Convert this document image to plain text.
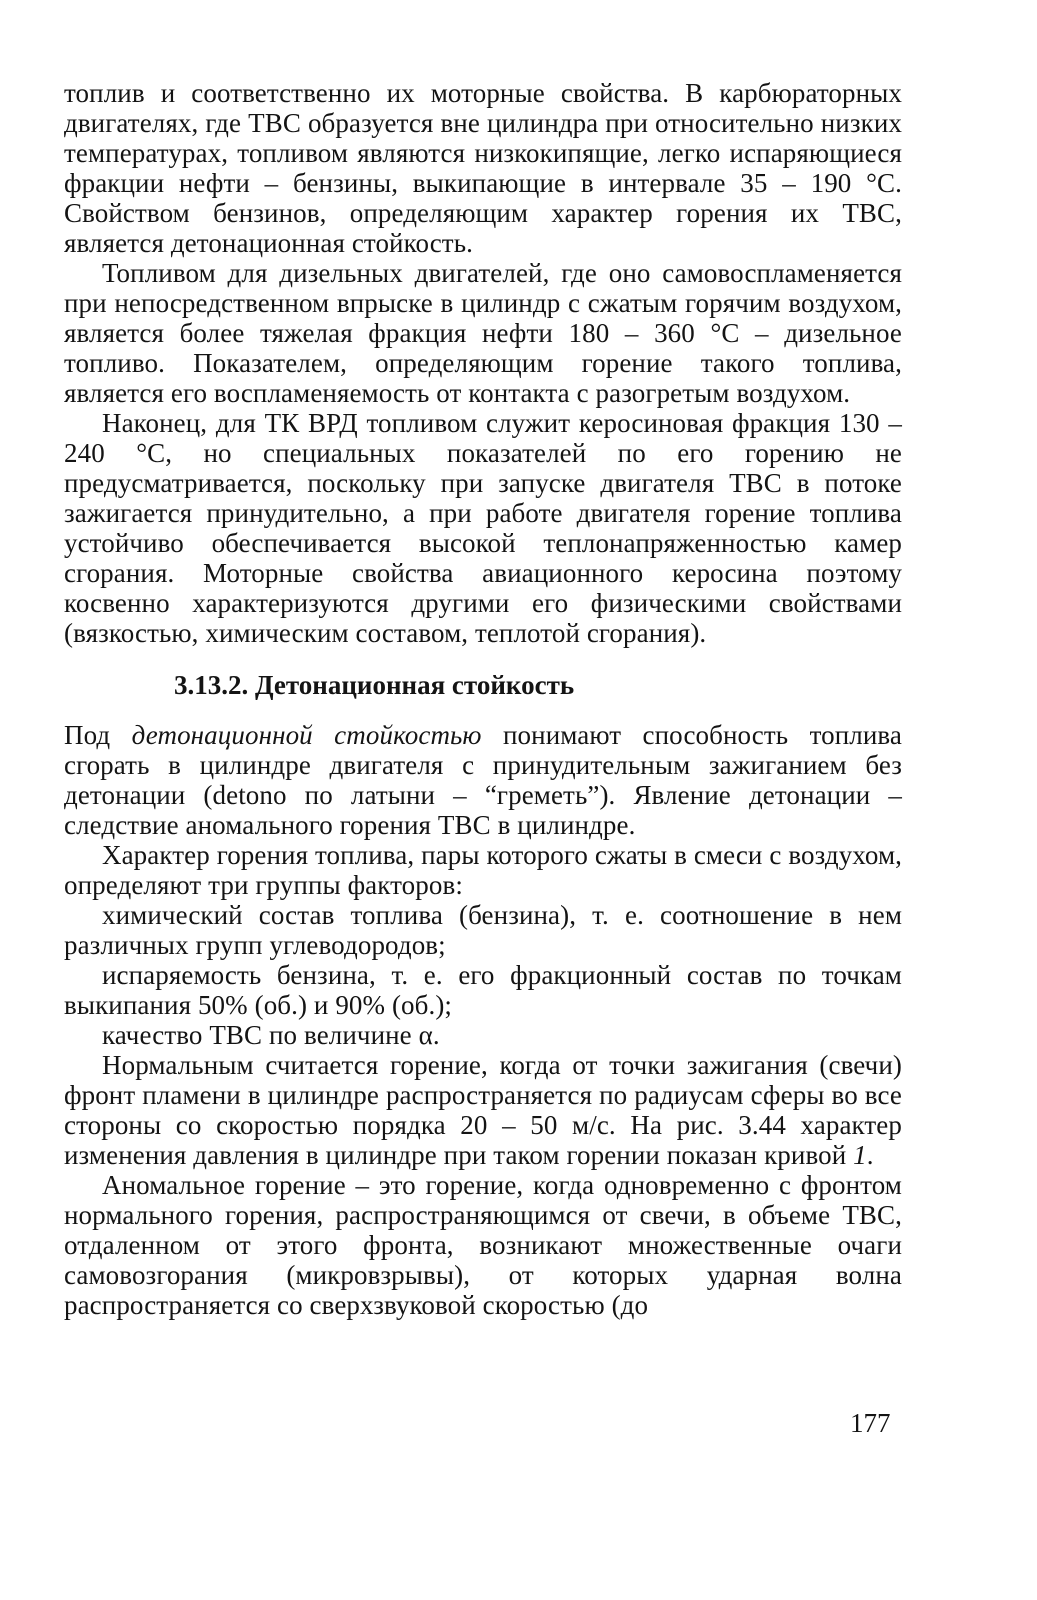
топлив и соответственно их моторные свойства. В карбюраторных двигателях, где ТВС образуется вне цилиндра при относительно низких температурах, топливом являются низкокипящие, легко испаряющиеся фракции нефти – бензины, выкипающие в интервале 35 – 190 °С. Свойством бензинов, определяющим характер горения их ТВС, является детонационная стойкость.

Топливом для дизельных двигателей, где оно самовоспламеняется при непосредственном впрыске в цилиндр с сжатым горячим воздухом, является более тяжелая фракция нефти 180 – 360 °С – дизельное топливо. Показателем, определяющим горение такого топлива, является его воспламеняемость от контакта с разогретым воздухом.

Наконец, для ТК ВРД топливом служит керосиновая фракция 130 – 240 °С, но специальных показателей по его горению не предусматривается, поскольку при запуске двигателя ТВС в потоке зажигается принудительно, а при работе двигателя горение топлива устойчиво обеспечивается высокой теплонапряженностью камер сгорания. Моторные свойства авиационного керосина поэтому косвенно характеризуются другими его физическими свойствами (вязкостью, химическим составом, теплотой сгорания).

3.13.2. Детонационная стойкость

Под детонационной стойкостью понимают способность топлива сгорать в цилиндре двигателя с принудительным зажиганием без детонации (detono по латыни – “греметь”). Явление детонации – следствие аномального горения ТВС в цилиндре.

Характер горения топлива, пары которого сжаты в смеси с воздухом, определяют три группы факторов:

химический состав топлива (бензина), т. е. соотношение в нем различных групп углеводородов;

испаряемость бензина, т. е. его фракционный состав по точкам выкипания 50% (об.) и 90% (об.);

качество ТВС по величине α.

Нормальным считается горение, когда от точки зажигания (свечи) фронт пламени в цилиндре распространяется по радиусам сферы во все стороны со скоростью порядка 20 – 50 м/с. На рис. 3.44 характер изменения давления в цилиндре при таком горении показан кривой 1.

Аномальное горение – это горение, когда одновременно с фронтом нормального горения, распространяющимся от свечи, в объеме ТВС, отдаленном от этого фронта, возникают множественные очаги самовозгорания (микровзрывы), от которых ударная волна распространяется со сверхзвуковой скоростью (до

177
